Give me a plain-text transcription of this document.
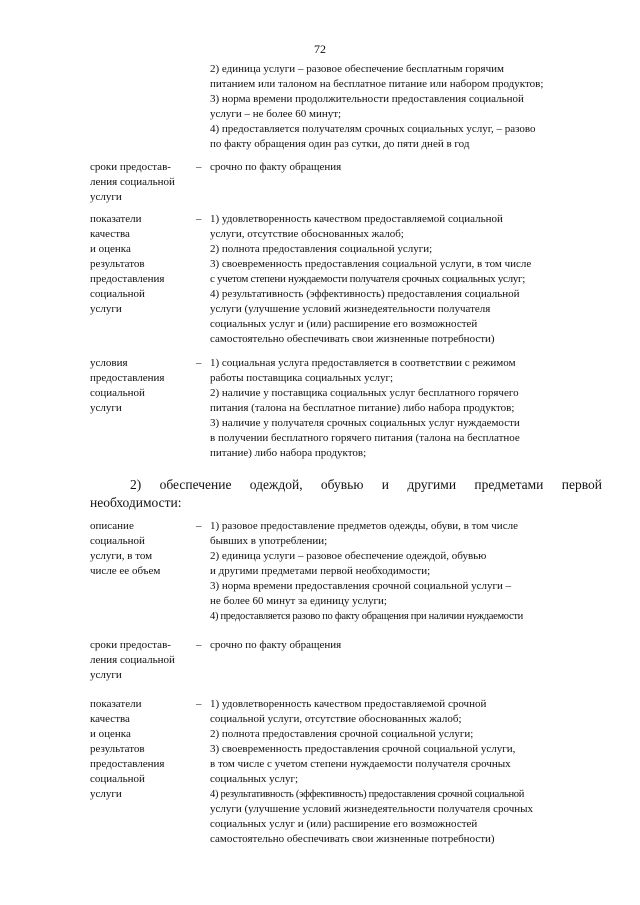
72
2) единица услуги – разовое обеспечение бесплатным горячим
питанием или талоном на бесплатное питание или набором продуктов;
3) норма времени продолжительности предоставления социальной
услуги – не более 60 минут;
4) предоставляется получателям срочных социальных услуг, – разово
по факту обращения один раз сутки, до пяти дней в год
сроки предостав-
ления социальной
услуги
– срочно по факту обращения
показатели
качества
и оценка
результатов
предоставления
социальной
услуги
– 1) удовлетворенность качеством предоставляемой социальной
услуги, отсутствие обоснованных жалоб;
2) полнота предоставления социальной услуги;
3) своевременность предоставления социальной услуги, в том числе
с учетом степени нуждаемости получателя срочных социальных услуг;
4) результативность (эффективность) предоставления социальной
услуги (улучшение условий жизнедеятельности получателя
социальных услуг и (или) расширение его возможностей
самостоятельно обеспечивать свои жизненные потребности)
условия
предоставления
социальной
услуги
– 1) социальная услуга предоставляется в соответствии с режимом
работы поставщика социальных услуг;
2) наличие у поставщика социальных услуг бесплатного горячего
питания (талона на бесплатное питание) либо набора продуктов;
3) наличие у получателя срочных социальных услуг нуждаемости
в получении бесплатного горячего питания (талона на бесплатное
питание) либо набора продуктов;
2) обеспечение одеждой, обувью и другими предметами первой
необходимости:
описание
социальной
услуги, в том
числе ее объем
– 1) разовое предоставление предметов одежды, обуви, в том числе
бывших в употреблении;
2) единица услуги – разовое обеспечение одеждой, обувью
и другими предметами первой необходимости;
3) норма времени предоставления срочной социальной услуги –
не более 60 минут за единицу услуги;
4) предоставляется разово по факту обращения при наличии нуждаемости
сроки предостав-
ления социальной
услуги
– срочно по факту обращения
показатели
качества
и оценка
результатов
предоставления
социальной
услуги
– 1) удовлетворенность качеством предоставляемой срочной
социальной услуги, отсутствие обоснованных жалоб;
2) полнота предоставления срочной социальной услуги;
3) своевременность предоставления срочной социальной услуги,
в том числе с учетом степени нуждаемости получателя срочных
социальных услуг;
4) результативность (эффективность) предоставления срочной социальной
услуги (улучшение условий жизнедеятельности получателя срочных
социальных услуг и (или) расширение его возможностей
самостоятельно обеспечивать свои жизненные потребности)
